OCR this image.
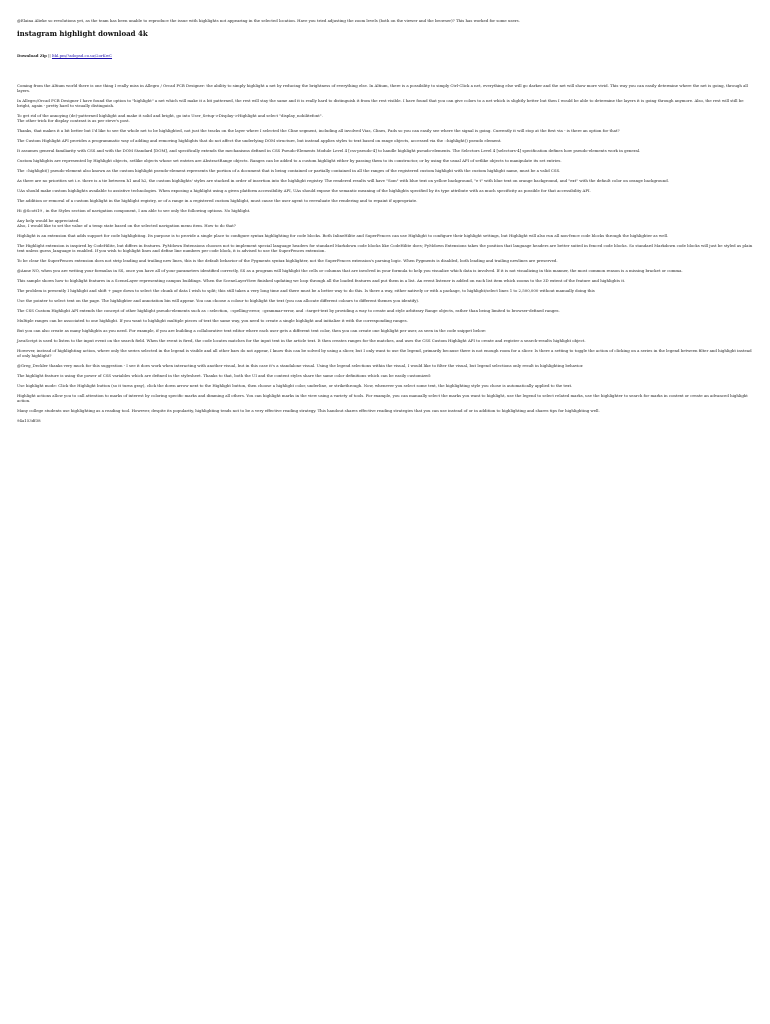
@Elaina Alieke so revolutions yet, as the team has been unable to reproduce the issue with highlights not appearing in the selected location. Have you tried adjusting the zoom levels (both on the viewer and the browser)? This has worked for some users.

instagram highlight download 4k

Download Zip || ltkl.pm/?adopsd.co.uz/2orKwC

Coming from the Altium world there is one thing I really miss in Allegro / Orcad PCB Designer: the ability to simply highlight a net by reducing the brightness of everything else. In Altium, there is a possibility to simply Ctrl-Click a net, everything else will go darker and the net will show more vivid. This way you can easily determine where the net is going, through all layers.

In Allegro/Orcad PCB Designer I have found the option to "highlight" a net which will make it a bit patterned, the rest will stay the same and it is really hard to distinguish it from the rest visible. I have found that you can give colors to a net which is slightly better but then I would be able to determine the layers it is going through anymore. Also, the rest will still be bright, again - pretty hard to visually distinguish.

To get rid of the annoying (de)-patterned highlight and make it solid and bright, go into User_Setup->Display->Highlight and select "display_nohilitefont".
The other trick for display contrast is as per steve's post.

Thanks, that makes it a bit better but I'd like to see the whole net to be highlighted, not just the tracks on the layer where I selected the Cline segment, including all involved Vias, Clines, Pads so you can easily see where the signal is going. Currently it will stop at the first via - is there an option for that?

The Custom Highlight API provides a programmatic way of adding and removing highlights that do not affect the underlying DOM structure, but instead applies styles to text based on range objects, accessed via the ::highlight() pseudo element.

It assumes general familiarity with CSS and with the DOM Standard [DOM], and specifically extends the mechanisms defined in CSS Pseudo-Elements Module Level 4 [css-pseudo-4] to handle highlight pseudo-elements. The Selectors Level 4 [selectors-4] specification defines how pseudo-elements work in general.

Custom highlights are represented by Highlight objects, setlike objects whose set entries are AbstractRange objects. Ranges can be added to a custom highlight either by passing them to its constructor, or by using the usual API of setlike objects to manipulate its set entries.

The ::highlight() pseudo-element also known as the custom highlight pseudo-element represents the portion of a document that is being contained or partially contained in all the ranges of the registered custom highlight with the custom highlight name, must be a valid CSS.

As there are no priorities set i.e. there is a tie between h1 and h2, the custom highlights' styles are stacked in order of insertion into the highlight registry. The rendered results will have "Som" with blue text on yellow background, "e t" with blue text on orange background, and "ext" with the default color on orange background.

UAs should make custom highlights available to assistive technologies. When exposing a highlight using a given platform accessibility API, UAs should expose the semantic meaning of the highlights specified by its type attribute with as much specificity as possible for that accessibility API.

The addition or removal of a custom highlight in the highlight registry, or of a range in a registered custom highlight, must cause the user agent to reevaluate the rendering and to repaint if appropriate.

Hi @Scott19 , in the Styles section of navigation component, I am able to see only the following options. No highlight.

Any help would be appreciated.
Also, I would like to set the value of a temp state based on the selected navigation menu item. How to do that?

Highlight is an extension that adds support for code highlighting. Its purpose is to provide a single place to configure syntax highlighting for code blocks. Both InlineHilite and SuperFences can use Highlight to configure their highlight settings, but Highlight will also run all non-fence code blocks through the highlighter as well.

The Highlight extension is inspired by CodeHilite, but differs in features. PyMdown Extensions chooses not to implement special language headers for standard Markdown code blocks like CodeHilite does; PyMdown Extensions takes the position that language headers are better suited in fenced code blocks. So standard Markdown code blocks will just be styled as plain text unless guess_language is enabled. If you wish to highlight lines and define line numbers per code block, it is advised to use the SuperFences extension.

To be clear the SuperFences extension does not strip leading and trailing new lines, this is the default behavior of the Pygments syntax highlighter, not the SuperFences extension's parsing logic. When Pygments is disabled, both leading and trailing newlines are preserved.

@Anne NO, when you are writing your formulas in SS, once you have all of your parameters identified correctly, SS as a program will highlight the cells or columns that are involved in your formula to help you visualize which data is involved. If it is not visualizing in this manner, the most common reason is a missing bracket or comma.

This sample shows how to highlight features in a SceneLayer representing campus buildings. When the SceneLayerView finished updating we loop through all the loaded features and put them in a list. An event listener is added on each list item which zooms to the 3D extent of the feature and highlights it.

The problem is presently I highlight and shift + page down to select the chunk of data I wish to split; this still takes a very long time and there must be a better way to do this. Is there a way, either natively or with a package, to highlight/select lines 1 to 2,500,000 without manually doing this

Use the pointer to select text on the page. The highlighter and annotation bin will appear. You can choose a colour to highlight the text (you can allocate different colours to different themes you identify).

The CSS Custom Highlight API extends the concept of other highlight pseudo-elements such as ::selection, ::spelling-error, ::grammar-error, and ::target-text by providing a way to create and style arbitrary Range objects, rather than being limited to browser-defined ranges.

Multiple ranges can be associated to one highlight. If you want to highlight multiple pieces of text the same way, you need to create a single highlight and initialize it with the corresponding ranges.

But you can also create as many highlights as you need. For example, if you are building a collaborative text editor where each user gets a different text color, then you can create one highlight per user, as seen in the code snippet below:

JavaScript is used to listen to the input event on the search field. When the event is fired, the code locates matches for the input text in the article text. It then creates ranges for the matches, and uses the CSS Custom Highlight API to create and register a search-results highlight object.

However, instead of highlighting action, where only the series selected in the legend is visible and all other bars do not appear, I know this can be solved by using a slicer, but I only want to use the legend, primarily because there is not enough room for a slicer. Is there a setting to toggle the action of clicking on a series in the legend between filter and highlight instead of only highlight?

@Greg_Deckler thanks very much for this suggestion - I see it does work when interacting with another visual, but in this case it's a standalone visual. Using the legend selections within the visual, I would like to filter the visual, but legend selections only result in highlighting behavior.

The highlight feature is using the power of CSS variables which are defined in the stylesheet. Thanks to that, both the UI and the content styles share the same color definitions which can be easily customized:

Use highlight mode: Click the Highlight button (so it turns gray), click the down arrow next to the Highlight button, then choose a highlight color, underline, or strikethrough. Now, whenever you select some text, the highlighting style you chose is automatically applied to the text.

Highlight actions allow you to call attention to marks of interest by coloring specific marks and dimming all others. You can highlight marks in the view using a variety of tools. For example, you can manually select the marks you want to highlight, use the legend to select related marks, use the highlighter to search for marks in context or create an advanced highlight action.

Many college students use highlighting as a reading tool. However, despite its popularity, highlighting tends not to be a very effective reading strategy. This handout shares effective reading strategies that you can use instead of or in addition to highlighting and shares tips for highlighting well.

94a153df38
